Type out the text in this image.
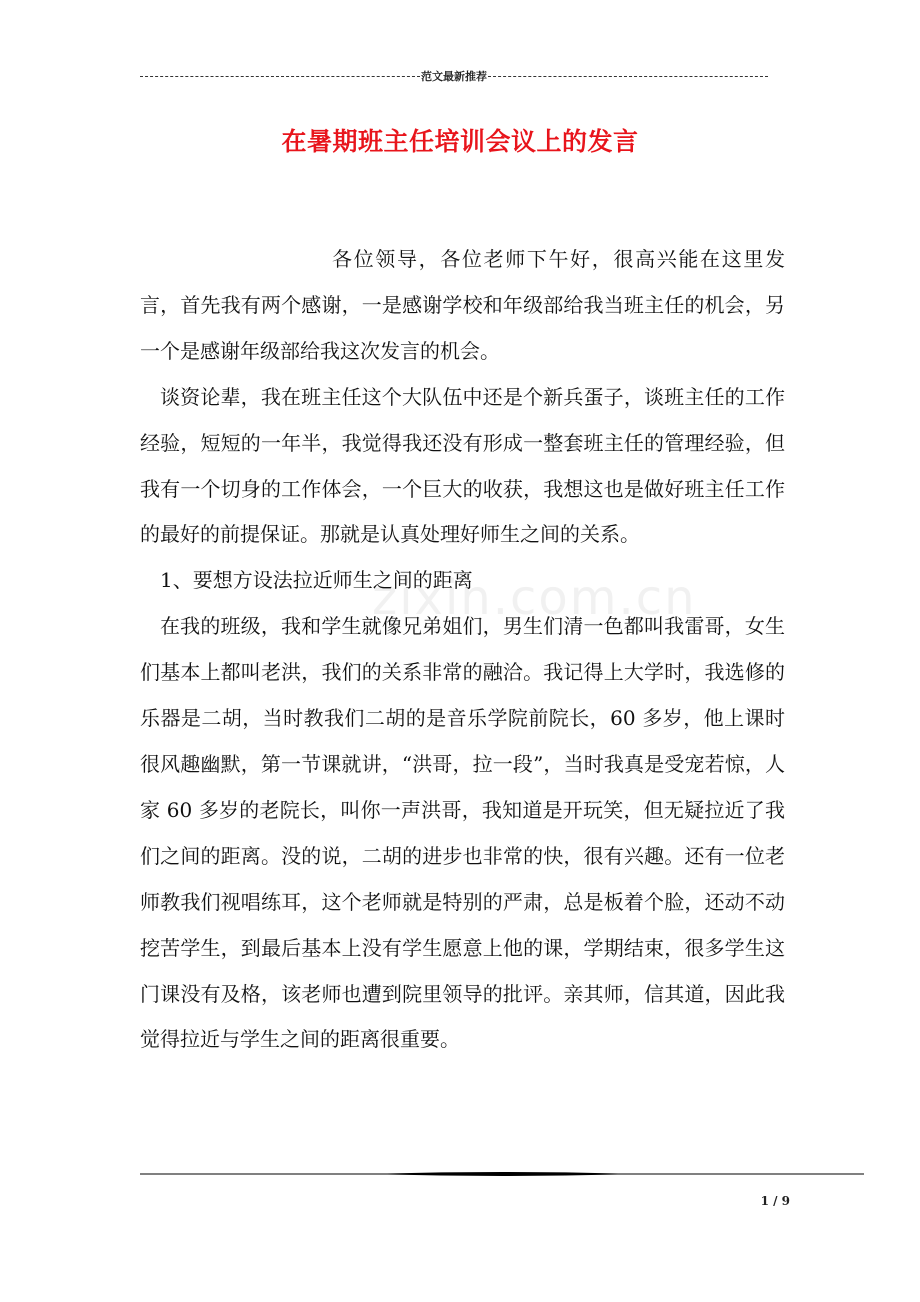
范文最新推荐
在暑期班主任培训会议上的发言
zixin.com.cn

各位领导，各位老师下午好，很高兴能在这里发言，首先我有两个感谢，一是感谢学校和年级部给我当班主任的机会，另一个是感谢年级部给我这次发言的机会。

谈资论辈，我在班主任这个大队伍中还是个新兵蛋子，谈班主任的工作经验，短短的一年半，我觉得我还没有形成一整套班主任的管理经验，但我有一个切身的工作体会，一个巨大的收获，我想这也是做好班主任工作的最好的前提保证。那就是认真处理好师生之间的关系。

1、要想方设法拉近师生之间的距离

在我的班级，我和学生就像兄弟姐们，男生们清一色都叫我雷哥，女生们基本上都叫老洪，我们的关系非常的融洽。我记得上大学时，我选修的乐器是二胡，当时教我们二胡的是音乐学院前院长，60 多岁，他上课时很风趣幽默，第一节课就讲，“洪哥，拉一段”，当时我真是受宠若惊，人家 60 多岁的老院长，叫你一声洪哥，我知道是开玩笑，但无疑拉近了我们之间的距离。没的说，二胡的进步也非常的快，很有兴趣。还有一位老师教我们视唱练耳，这个老师就是特别的严肃，总是板着个脸，还动不动挖苦学生，到最后基本上没有学生愿意上他的课，学期结束，很多学生这门课没有及格，该老师也遭到院里领导的批评。亲其师，信其道，因此我觉得拉近与学生之间的距离很重要。

1 / 9
